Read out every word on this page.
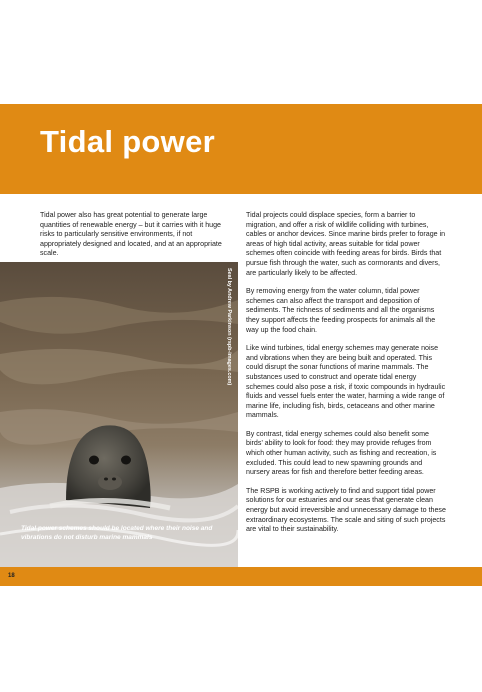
Tidal power

Tidal power also has great potential to generate large quantities of renewable energy – but it carries with it huge risks to particularly sensitive environments, if not appropriately designed and located, and at an appropriate scale.

Seal by Andrew Parkinson (rspb-images.com)

Tidal power schemes should be located where their noise and vibrations do not disturb marine mammals

Tidal projects could displace species, form a barrier to migration, and offer a risk of wildlife colliding with turbines, cables or anchor devices. Since marine birds prefer to forage in areas of high tidal activity, areas suitable for tidal power schemes often coincide with feeding areas for birds. Birds that pursue fish through the water, such as cormorants and divers, are particularly likely to be affected.

By removing energy from the water column, tidal power schemes can also affect the transport and deposition of sediments. The richness of sediments and all the organisms they support affects the feeding prospects for animals all the way up the food chain.

Like wind turbines, tidal energy schemes may generate noise and vibrations when they are being built and operated. This could disrupt the sonar functions of marine mammals. The substances used to construct and operate tidal energy schemes could also pose a risk, if toxic compounds in hydraulic fluids and vessel fuels enter the water, harming a wide range of marine life, including fish, birds, cetaceans and other marine mammals.

By contrast, tidal energy schemes could also benefit some birds’ ability to look for food: they may provide refuges from which other human activity, such as fishing and recreation, is excluded. This could lead to new spawning grounds and nursery areas for fish and therefore better feeding areas.

The RSPB is working actively to find and support tidal power solutions for our estuaries and our seas that generate clean energy but avoid irreversible and unnecessary damage to these extraordinary ecosystems. The scale and siting of such projects are vital to their sustainability.

18
